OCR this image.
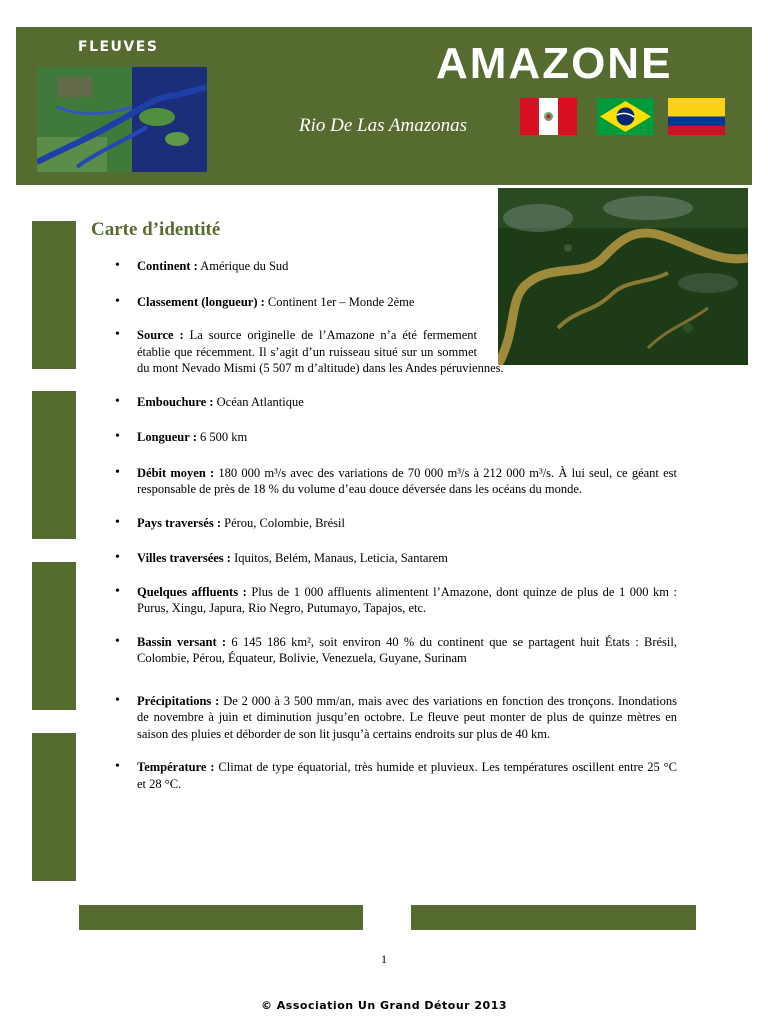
FLEUVES	AMAZONE
Rio De Las Amazonas
Carte d’identité
• Continent : Amérique du Sud
• Classement (longueur) : Continent 1er – Monde 2ème
• Source : La source originelle de l’Amazone n’a été fermement établie que récemment. Il s’agit d’un ruisseau situé sur un sommet du mont Nevado Mismi (5 507 m d’altitude) dans les Andes péruviennes.
• Embouchure : Océan Atlantique
• Longueur : 6 500 km
• Débit moyen : 180 000 m³/s avec des variations de 70 000 m³/s à 212 000 m³/s. À lui seul, ce géant est responsable de près de 18 % du volume d’eau douce déversée dans les océans du monde.
• Pays traversés : Pérou, Colombie, Brésil
• Villes traversées : Iquitos, Belém, Manaus, Leticia, Santarem
• Quelques affluents : Plus de 1 000 affluents alimentent l’Amazone, dont quinze de plus de 1 000 km : Purus, Xingu, Japura, Rio Negro, Putumayo, Tapajos, etc.
• Bassin versant : 6 145 186 km², soit environ 40 % du continent que se partagent huit États : Brésil, Colombie, Pérou, Équateur, Bolivie, Venezuela, Guyane, Surinam
• Précipitations : De 2 000 à 3 500 mm/an, mais avec des variations en fonction des tronçons. Inondations de novembre à juin et diminution jusqu’en octobre. Le fleuve peut monter de plus de quinze mètres en saison des pluies et déborder de son lit jusqu’à certains endroits sur plus de 40 km.
• Température : Climat de type équatorial, très humide et pluvieux. Les températures oscillent entre 25 °C et 28 °C.
1
© Association Un Grand Détour 2013
